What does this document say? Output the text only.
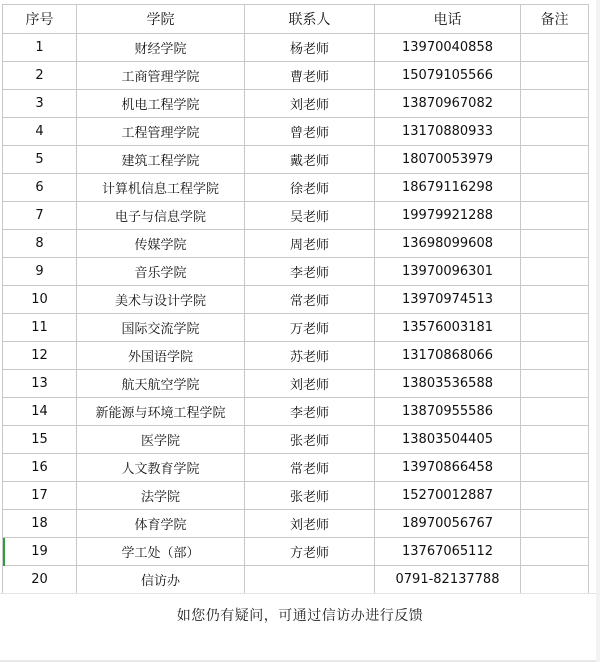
序号	学院	联系人	电话	备注
1	财经学院	杨老师	13970040858	
2	工商管理学院	曹老师	15079105566	
3	机电工程学院	刘老师	13870967082	
4	工程管理学院	曾老师	13170880933	
5	建筑工程学院	戴老师	18070053979	
6	计算机信息工程学院	徐老师	18679116298	
7	电子与信息学院	吴老师	19979921288	
8	传媒学院	周老师	13698099608	
9	音乐学院	李老师	13970096301	
10	美术与设计学院	常老师	13970974513	
11	国际交流学院	万老师	13576003181	
12	外国语学院	苏老师	13170868066	
13	航天航空学院	刘老师	13803536588	
14	新能源与环境工程学院	李老师	13870955586	
15	医学院	张老师	13803504405	
16	人文教育学院	常老师	13970866458	
17	法学院	张老师	15270012887	
18	体育学院	刘老师	18970056767	
19	学工处（部）	方老师	13767065112	
20	信访办		0791-82137788	
如您仍有疑问，可通过信访办进行反馈
